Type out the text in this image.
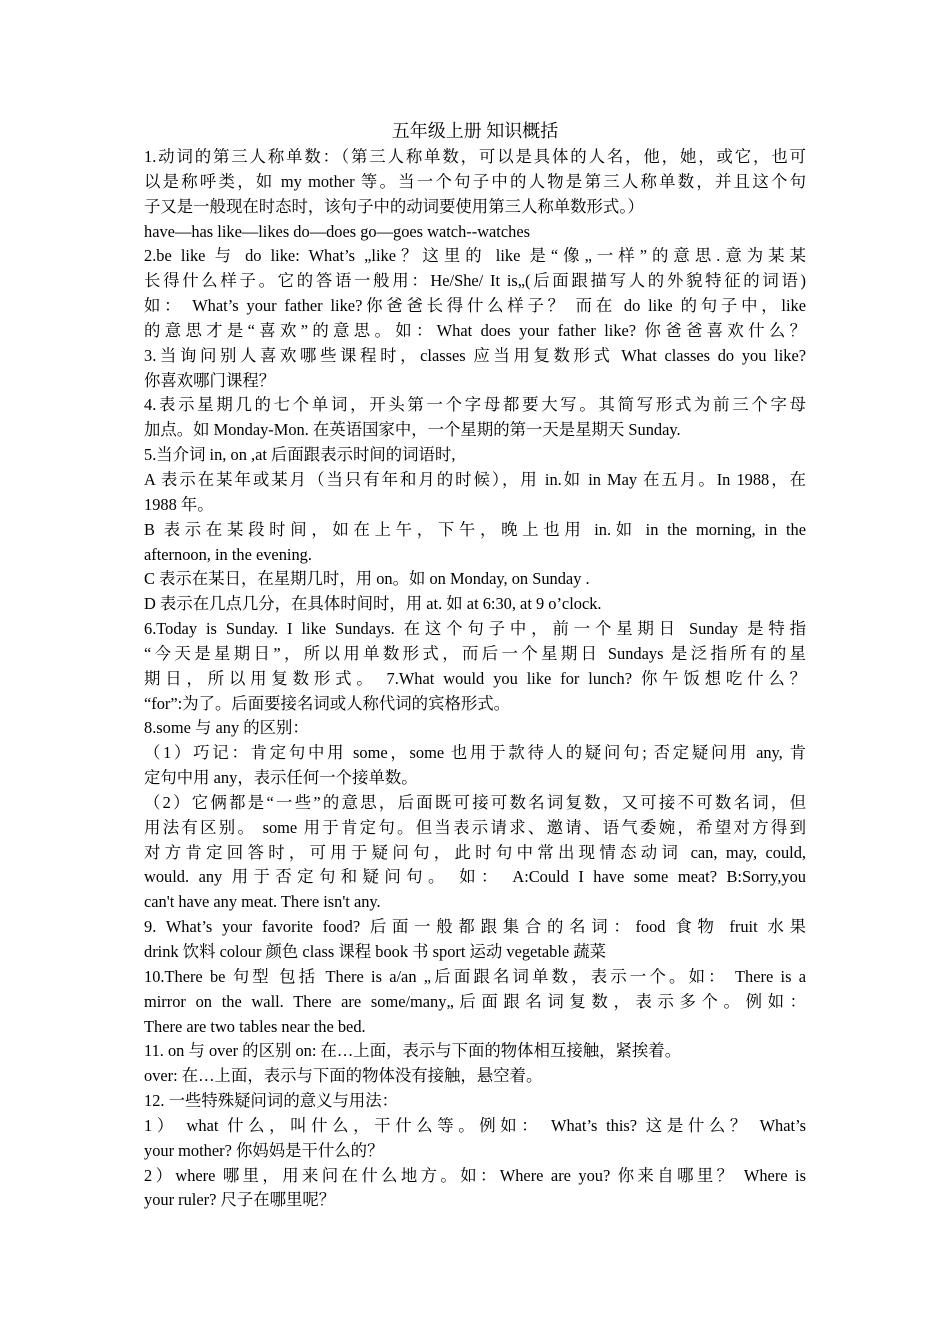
五年级上册 知识概括
1.动词的第三人称单数：（第三人称单数，可以是具体的人名，他，她，或它，也可
以是称呼类，如 my mother 等。当一个句子中的人物是第三人称单数，并且这个句
子又是一般现在时态时，该句子中的动词要使用第三人称单数形式。）
have—has like—likes do—does go—goes watch--watches
2.be like 与 do like: What’s „like？这里的 like 是“像„一样”的意思.意为某某
长得什么样子。它的答语一般用：He/She/ It is„(后面跟描写人的外貌特征的词语)
如： What’s your father like?你爸爸长得什么样子？ 而在 do like 的句子中，like
的意思才是“喜欢”的意思。如：What does your father like? 你爸爸喜欢什么？
3.当询问别人喜欢哪些课程时，classes 应当用复数形式 What classes do you like?
你喜欢哪门课程？
4.表示星期几的七个单词，开头第一个字母都要大写。其简写形式为前三个字母
加点。如 Monday-Mon. 在英语国家中，一个星期的第一天是星期天 Sunday.
5.当介词 in, on ,at 后面跟表示时间的词语时,
A 表示在某年或某月（当只有年和月的时候），用 in.如 in May 在五月。In 1988，在
1988 年。
B 表示在某段时间，如在上午，下午，晚上也用 in.如 in the morning, in the
afternoon, in the evening.
C 表示在某日，在星期几时，用 on。如 on Monday, on Sunday .
D 表示在几点几分，在具体时间时，用 at. 如 at 6:30, at 9 o’clock.
6.Today is Sunday. I like Sundays. 在这个句子中，前一个星期日 Sunday 是特指
“今天是星期日”，所以用单数形式，而后一个星期日 Sundays 是泛指所有的星
期日，所以用复数形式。 7.What would you like for lunch? 你午饭想吃什么？
“for”:为了。后面要接名词或人称代词的宾格形式。
8.some 与 any 的区别：
（1）巧记：肯定句中用 some，some 也用于款待人的疑问句; 否定疑问用 any, 肯
定句中用 any，表示任何一个接单数。
（2）它俩都是“一些”的意思，后面既可接可数名词复数，又可接不可数名词，但
用法有区别。 some 用于肯定句。但当表示请求、邀请、语气委婉，希望对方得到
对方肯定回答时，可用于疑问句，此时句中常出现情态动词 can, may, could,
would. any 用于否定句和疑问句。 如： A:Could I have some meat? B:Sorry,you
can't have any meat. There isn't any.
9. What’s your favorite food? 后面一般都跟集合的名词：food 食物 fruit 水果
drink 饮料 colour 颜色 class 课程 book 书 sport 运动 vegetable 蔬菜
10.There be 句型 包括 There is a/an „后面跟名词单数，表示一个。如： There is a
mirror on the wall. There are some/many„后面跟名词复数，表示多个。例如：
There are two tables near the bed.
11. on 与 over 的区别 on: 在…上面，表示与下面的物体相互接触，紧挨着。
over: 在…上面，表示与下面的物体没有接触，悬空着。
12. 一些特殊疑问词的意义与用法：
1） what 什么，叫什么，干什么等。例如： What’s this? 这是什么？ What’s
your mother? 你妈妈是干什么的？
2）where 哪里，用来问在什么地方。如：Where are you? 你来自哪里？ Where is
your ruler? 尺子在哪里呢？
